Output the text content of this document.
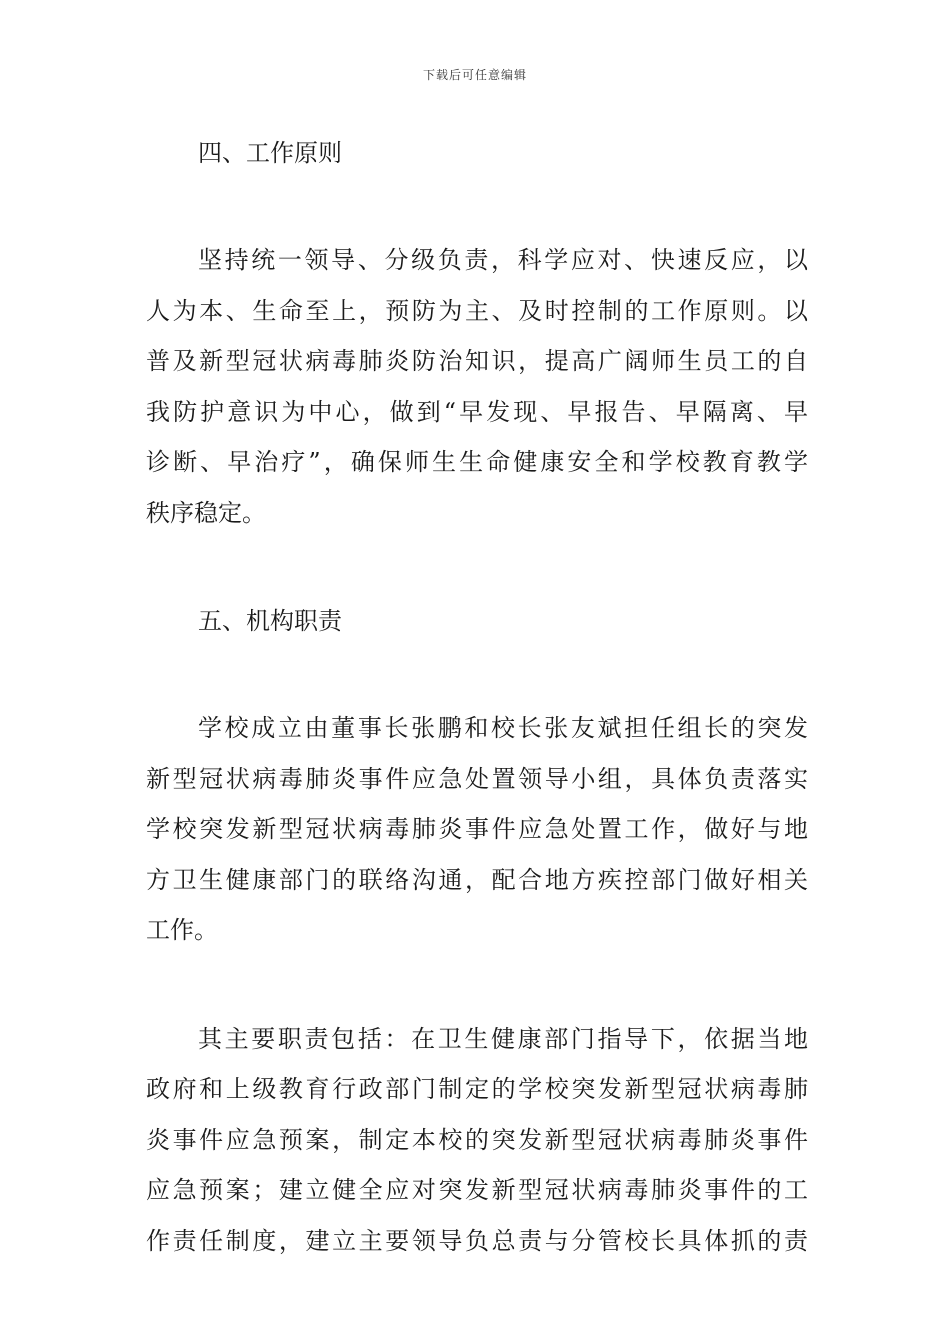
下载后可任意编辑

四、工作原则

坚持统一领导、分级负责，科学应对、快速反应，以
人为本、生命至上，预防为主、及时控制的工作原则。以
普及新型冠状病毒肺炎防治知识，提高广阔师生员工的自
我防护意识为中心，做到“早发现、早报告、早隔离、早
诊断、早治疗”，确保师生生命健康安全和学校教育教学
秩序稳定。

五、机构职责

学校成立由董事长张鹏和校长张友斌担任组长的突发
新型冠状病毒肺炎事件应急处置领导小组，具体负责落实
学校突发新型冠状病毒肺炎事件应急处置工作，做好与地
方卫生健康部门的联络沟通，配合地方疾控部门做好相关
工作。

其主要职责包括：在卫生健康部门指导下，依据当地
政府和上级教育行政部门制定的学校突发新型冠状病毒肺
炎事件应急预案，制定本校的突发新型冠状病毒肺炎事件
应急预案；建立健全应对突发新型冠状病毒肺炎事件的工
作责任制度，建立主要领导负总责与分管校长具体抓的责
